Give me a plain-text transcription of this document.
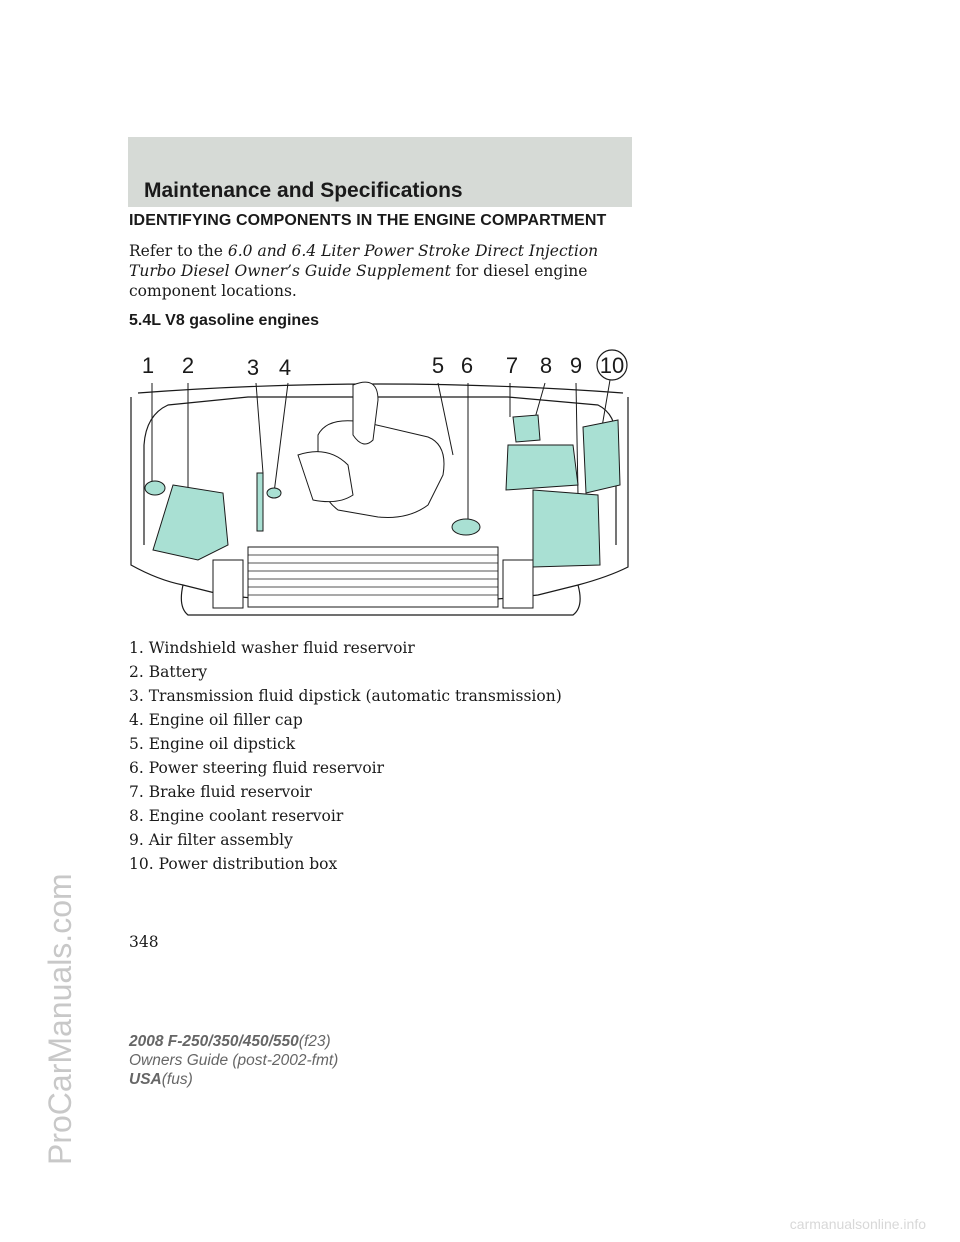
Maintenance and Specifications
IDENTIFYING COMPONENTS IN THE ENGINE COMPARTMENT

Refer to the 6.0 and 6.4 Liter Power Stroke Direct Injection Turbo Diesel Owner’s Guide Supplement for diesel engine component locations.

5.4L V8 gasoline engines
1 2 3 4	5 6 7 8 9 10
1. Windshield washer fluid reservoir
2. Battery
3. Transmission fluid dipstick (automatic transmission)
4. Engine oil filler cap
5. Engine oil dipstick
6. Power steering fluid reservoir
7. Brake fluid reservoir
8. Engine coolant reservoir
9. Air filter assembly
10. Power distribution box
348
2008 F-250/350/450/550(f23)
Owners Guide (post-2002-fmt)
USA(fus)
ProCarManuals.com
carmanualsonline.info
